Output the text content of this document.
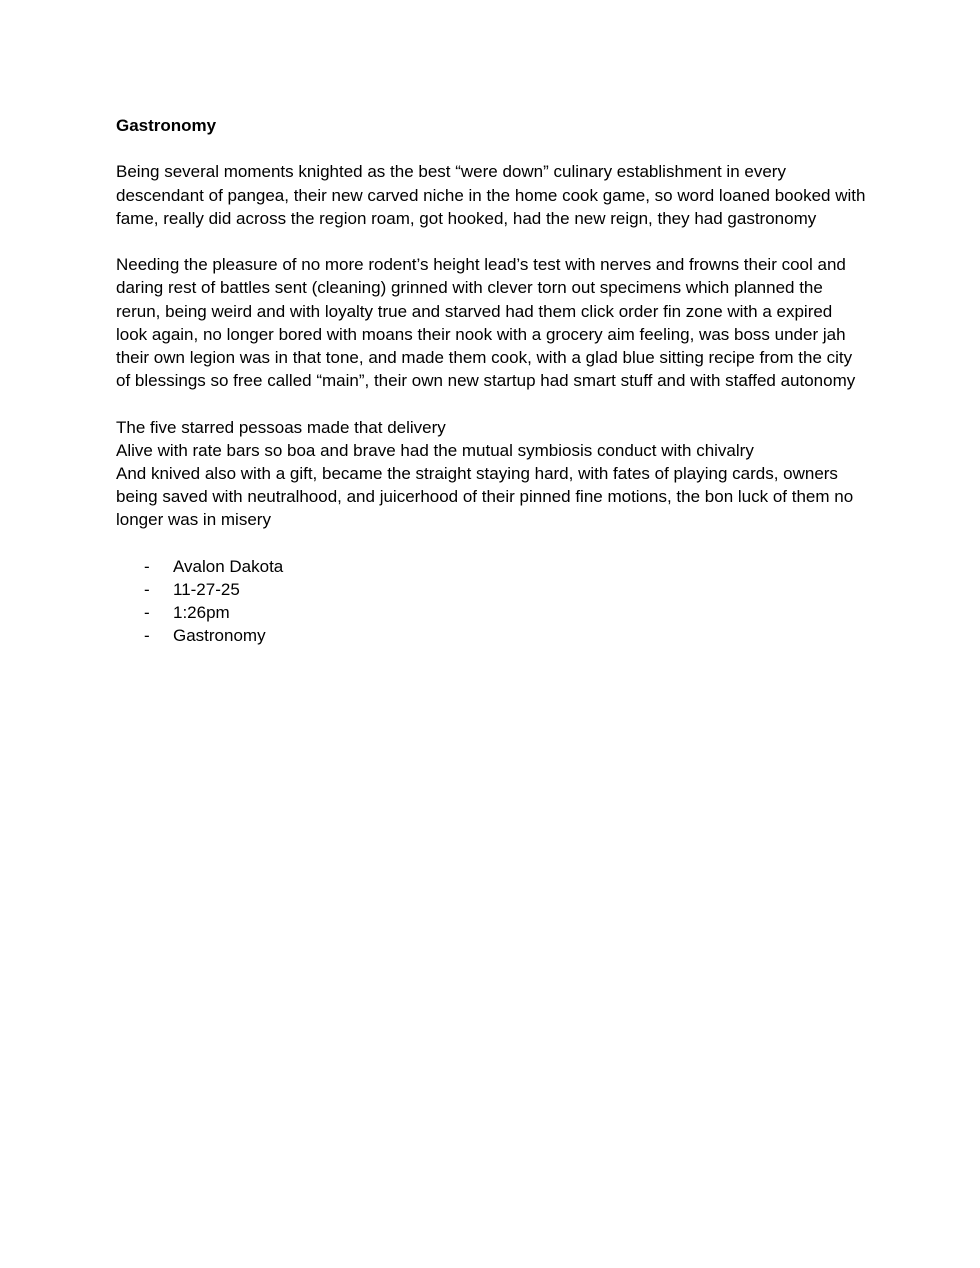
Gastronomy

Being several moments knighted as the best “were down” culinary establishment in every descendant of pangea, their new carved niche in the home cook game, so word loaned booked with fame, really did across the region roam, got hooked, had the new reign, they had gastronomy

Needing the pleasure of no more rodent’s height lead’s test with nerves and frowns their cool and daring rest of battles sent (cleaning) grinned with clever torn out specimens which planned the rerun, being weird and with loyalty true and starved had them click order fin zone with a expired look again, no longer bored with moans their nook with a grocery aim feeling, was boss under jah their own legion was in that tone, and made them cook, with a glad blue sitting recipe from the city of blessings so free called “main”, their own new startup had smart stuff and with staffed autonomy

The five starred pessoas made that delivery

Alive with rate bars so boa and brave had the mutual symbiosis conduct with chivalry

And knived also with a gift, became the straight staying hard, with fates of playing cards, owners being saved with neutralhood, and juicerhood of their pinned fine motions, the bon luck of them no longer was in misery

- Avalon Dakota
- 11-27-25
- 1:26pm
- Gastronomy
